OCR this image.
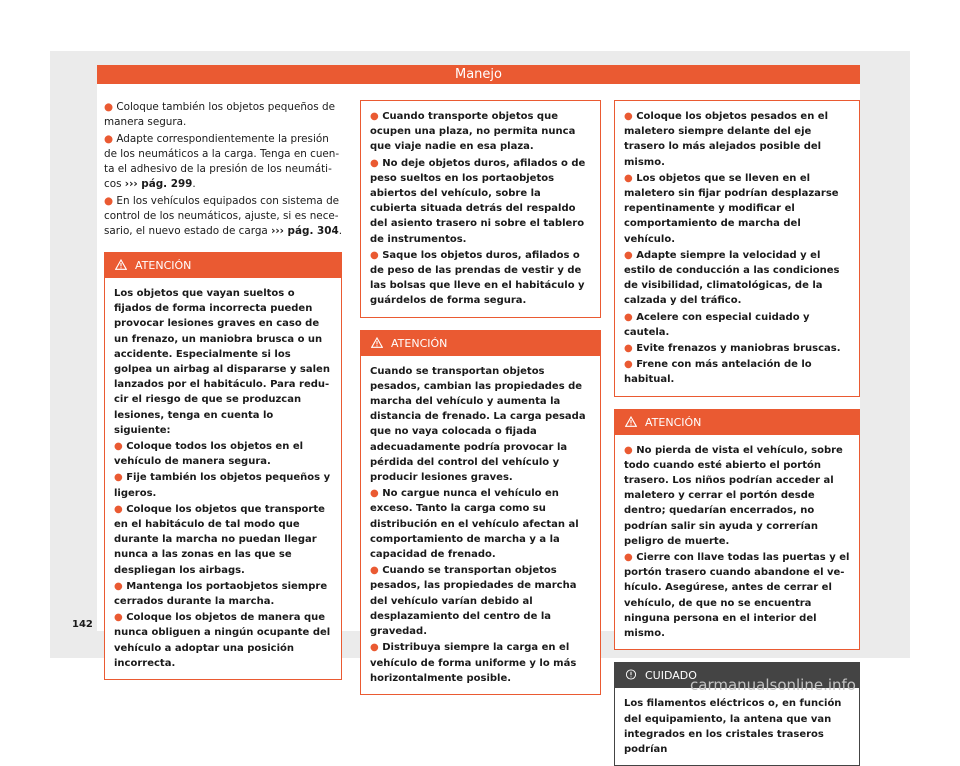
Manejo

● Coloque también los objetos pequeños de manera segura.

● Adapte correspondientemente la presión de los neumáticos a la carga. Tenga en cuenta el adhesivo de la presión de los neumáticos ››› pág. 299.

● En los vehículos equipados con sistema de control de los neumáticos, ajuste, si es necesario, el nuevo estado de carga ››› pág. 304.

ATENCIÓN

Los objetos que vayan sueltos o fijados de forma incorrecta pueden provocar lesiones graves en caso de un frenazo, un maniobra brusca o un accidente. Especialmente si los golpea un airbag al dispararse y salen lanzados por el habitáculo. Para reducir el riesgo de que se produzcan lesiones, tenga en cuenta lo siguiente:

● Coloque todos los objetos en el vehículo de manera segura.

● Fije también los objetos pequeños y ligeros.

● Coloque los objetos que transporte en el habitáculo de tal modo que durante la marcha no puedan llegar nunca a las zonas en las que se despliegan los airbags.

● Mantenga los portaobjetos siempre cerrados durante la marcha.

● Coloque los objetos de manera que nunca obliguen a ningún ocupante del vehículo a adoptar una posición incorrecta.

● Cuando transporte objetos que ocupen una plaza, no permita nunca que viaje nadie en esa plaza.

● No deje objetos duros, afilados o de peso sueltos en los portaobjetos abiertos del vehículo, sobre la cubierta situada detrás del respaldo del asiento trasero ni sobre el tablero de instrumentos.

● Saque los objetos duros, afilados o de peso de las prendas de vestir y de las bolsas que lleve en el habitáculo y guárdelos de forma segura.

ATENCIÓN

Cuando se transportan objetos pesados, cambian las propiedades de marcha del vehículo y aumenta la distancia de frenado. La carga pesada que no vaya colocada o fijada adecuadamente podría provocar la pérdida del control del vehículo y producir lesiones graves.

● No cargue nunca el vehículo en exceso. Tanto la carga como su distribución en el vehículo afectan al comportamiento de marcha y a la capacidad de frenado.

● Cuando se transportan objetos pesados, las propiedades de marcha del vehículo varían debido al desplazamiento del centro de la gravedad.

● Distribuya siempre la carga en el vehículo de forma uniforme y lo más horizontalmente posible.

● Coloque los objetos pesados en el maletero siempre delante del eje trasero lo más alejados posible del mismo.

● Los objetos que se lleven en el maletero sin fijar podrían desplazarse repentinamente y modificar el comportamiento de marcha del vehículo.

● Adapte siempre la velocidad y el estilo de conducción a las condiciones de visibilidad, climatológicas, de la calzada y del tráfico.

● Acelere con especial cuidado y cautela.

● Evite frenazos y maniobras bruscas.

● Frene con más antelación de lo habitual.

ATENCIÓN

● No pierda de vista el vehículo, sobre todo cuando esté abierto el portón trasero. Los niños podrían acceder al maletero y cerrar el portón desde dentro; quedarían encerrados, no podrían salir sin ayuda y correrían peligro de muerte.

● Cierre con llave todas las puertas y el portón trasero cuando abandone el vehículo. Asegúrese, antes de cerrar el vehículo, de que no se encuentra ninguna persona en el interior del mismo.

CUIDADO

Los filamentos eléctricos o, en función del equipamiento, la antena que van integrados en los cristales traseros podrían

142
carmanualsonline.info
